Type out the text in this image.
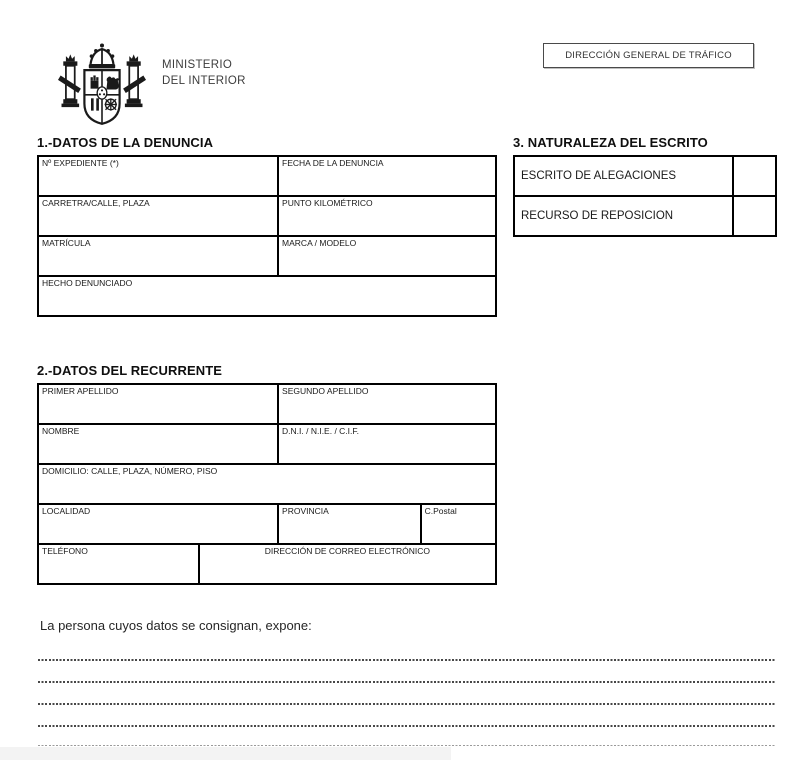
MINISTERIO
DEL INTERIOR
DIRECCIÓN GENERAL DE TRÁFICO
1.-DATOS DE LA DENUNCIA
Nº EXPEDIENTE (*)	FECHA DE LA DENUNCIA
CARRETRA/CALLE, PLAZA	PUNTO KILOMÉTRICO
MATRÍCULA	MARCA / MODELO
HECHO DENUNCIADO	
3. NATURALEZA DEL ESCRITO
ESCRITO DE ALEGACIONES	
RECURSO DE REPOSICION	
2.-DATOS DEL RECURRENTE
PRIMER APELLIDO		SEGUNDO APELLIDO	
NOMBRE		D.N.I. / N.I.E. / C.I.F.	
DOMICILIO: CALLE, PLAZA, NÚMERO, PISO			
LOCALIDAD		PROVINCIA	C.Postal
TELÉFONO	DIRECCIÓN DE CORREO ELECTRÓNICO		
La persona cuyos datos se consignan, expone:
